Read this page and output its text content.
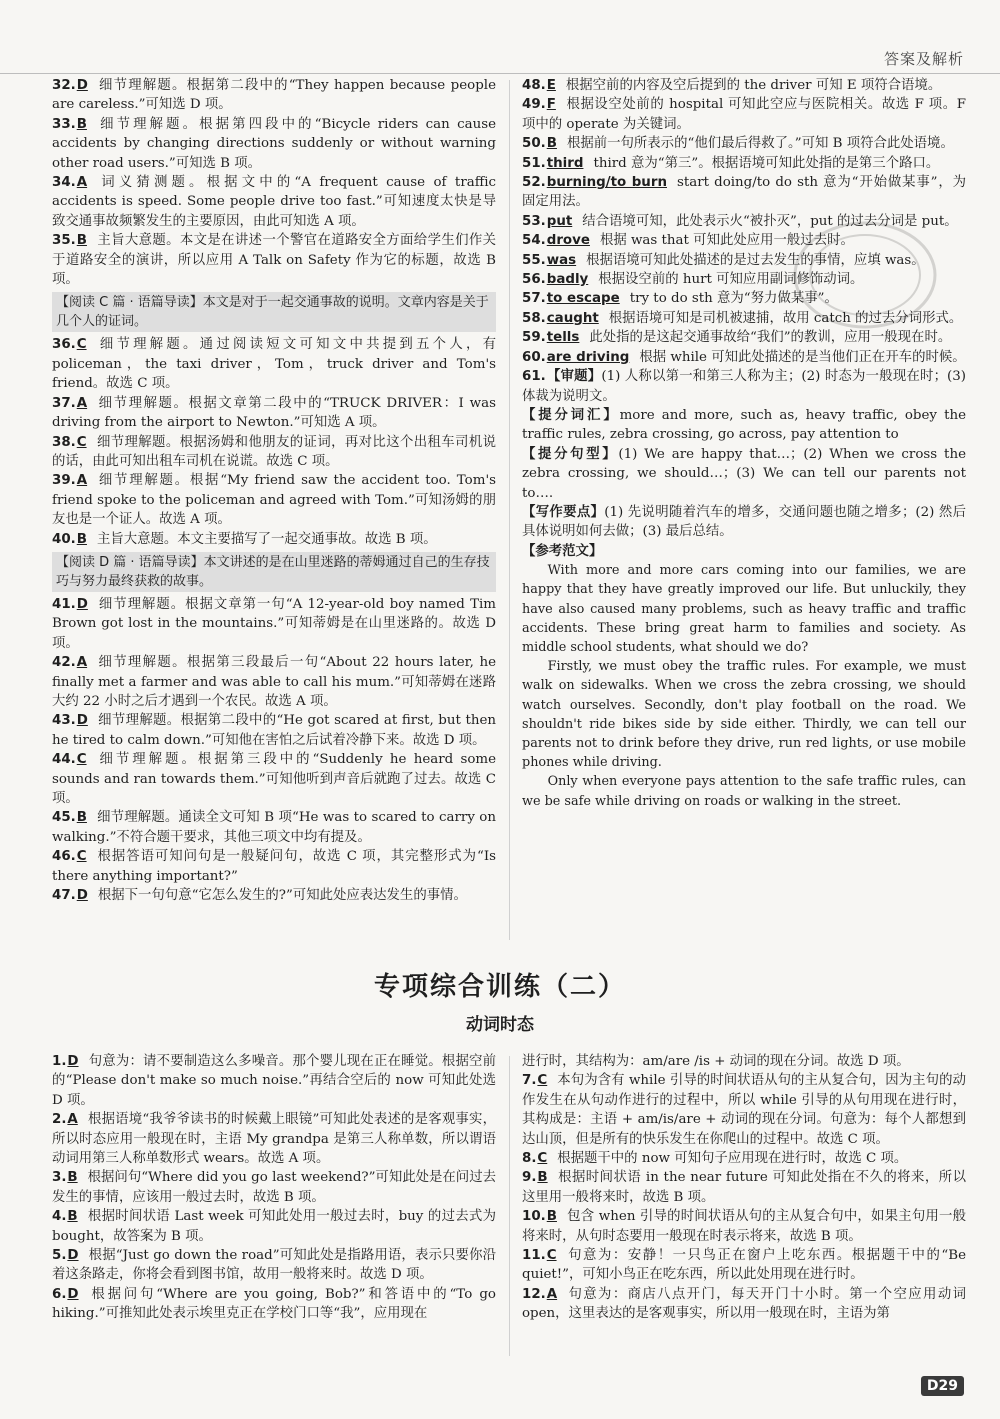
答案及解析
32.D 细节理解题。根据第二段中的“They happen because people are careless.”可知选 D 项。
33.B 细节理解题。根据第四段中的“Bicycle riders can cause accidents by changing directions suddenly or without warning other road users.”可知选 B 项。
34.A 词义猜测题。根据文中的“A frequent cause of traffic accidents is speed. Some people drive too fast.”可知速度太快是导致交通事故频繁发生的主要原因，由此可知选 A 项。
35.B 主旨大意题。本文是在讲述一个警官在道路安全方面给学生们作关于道路安全的演讲，所以应用 A Talk on Safety 作为它的标题，故选 B 项。
【阅读 C 篇 · 语篇导读】本文是对于一起交通事故的说明。文章内容是关于几个人的证词。
36.C 细节理解题。通过阅读短文可知文中共提到五个人，有 policeman，the taxi driver，Tom，truck driver and Tom's friend。故选 C 项。
37.A 细节理解题。根据文章第二段中的“TRUCK DRIVER：I was driving from the airport to Newton.”可知选 A 项。
38.C 细节理解题。根据汤姆和他朋友的证词，再对比这个出租车司机说的话，由此可知出租车司机在说谎。故选 C 项。
39.A 细节理解题。根据“My friend saw the accident too. Tom's friend spoke to the policeman and agreed with Tom.”可知汤姆的朋友也是一个证人。故选 A 项。
40.B 主旨大意题。本文主要描写了一起交通事故。故选 B 项。
【阅读 D 篇 · 语篇导读】本文讲述的是在山里迷路的蒂姆通过自己的生存技巧与努力最终获救的故事。
41.D 细节理解题。根据文章第一句“A 12-year-old boy named Tim Brown got lost in the mountains.”可知蒂姆是在山里迷路的。故选 D 项。
42.A 细节理解题。根据第三段最后一句“About 22 hours later, he finally met a farmer and was able to call his mum.”可知蒂姆在迷路大约 22 小时之后才遇到一个农民。故选 A 项。
43.D 细节理解题。根据第二段中的“He got scared at first, but then he tired to calm down.”可知他在害怕之后试着冷静下来。故选 D 项。
44.C 细节理解题。根据第三段中的“Suddenly he heard some sounds and ran towards them.”可知他听到声音后就跑了过去。故选 C 项。
45.B 细节理解题。通读全文可知 B 项“He was to scared to carry on walking.”不符合题干要求，其他三项文中均有提及。
46.C 根据答语可知问句是一般疑问句，故选 C 项，其完整形式为“Is there anything important?”
47.D 根据下一句句意“它怎么发生的?”可知此处应表达发生的事情。
48.E 根据空前的内容及空后提到的 the driver 可知 E 项符合语境。
49.F 根据设空处前的 hospital 可知此空应与医院相关。故选 F 项。F 项中的 operate 为关键词。
50.B 根据前一句所表示的“他们最后得救了。”可知 B 项符合此处语境。
51.third third 意为“第三”。根据语境可知此处指的是第三个路口。
52.burning/to burn start doing/to do sth 意为“开始做某事”，为固定用法。
53.put 结合语境可知，此处表示火“被扑灭”，put 的过去分词是 put。
54.drove 根据 was that 可知此处应用一般过去时。
55.was 根据语境可知此处描述的是过去发生的事情，应填 was。
56.badly 根据设空前的 hurt 可知应用副词修饰动词。
57.to escape try to do sth 意为“努力做某事”。
58.caught 根据语境可知是司机被逮捕，故用 catch 的过去分词形式。
59.tells 此处指的是这起交通事故给“我们”的教训，应用一般现在时。
60.are driving 根据 while 可知此处描述的是当他们正在开车的时候。
61.【审题】(1) 人称以第一和第三人称为主；(2) 时态为一般现在时；(3) 体裁为说明文。
【提分词汇】more and more, such as, heavy traffic, obey the traffic rules, zebra crossing, go across, pay attention to
【提分句型】(1) We are happy that…；(2) When we cross the zebra crossing, we should…；(3) We can tell our parents not to….
【写作要点】(1) 先说明随着汽车的增多，交通问题也随之增多；(2) 然后具体说明如何去做；(3) 最后总结。
【参考范文】

With more and more cars coming into our families, we are happy that they have greatly improved our life. But unluckily, they have also caused many problems, such as heavy traffic and traffic accidents. These bring great harm to families and society. As middle school students, what should we do?

Firstly, we must obey the traffic rules. For example, we must walk on sidewalks. When we cross the zebra crossing, we should watch ourselves. Secondly, don't play football on the road. We shouldn't ride bikes side by side either. Thirdly, we can tell our parents not to drink before they drive, run red lights, or use mobile phones while driving.

Only when everyone pays attention to the safe traffic rules, can we be safe while driving on roads or walking in the street.

专项综合训练（二）
动词时态
1.D 句意为：请不要制造这么多噪音。那个婴儿现在正在睡觉。根据空前的“Please don't make so much noise.”再结合空后的 now 可知此处选 D 项。
2.A 根据语境“我爷爷读书的时候戴上眼镜”可知此处表述的是客观事实，所以时态应用一般现在时，主语 My grandpa 是第三人称单数，所以谓语动词用第三人称单数形式 wears。故选 A 项。
3.B 根据问句“Where did you go last weekend?”可知此处是在问过去发生的事情，应该用一般过去时，故选 B 项。
4.B 根据时间状语 Last week 可知此处用一般过去时，buy 的过去式为 bought，故答案为 B 项。
5.D 根据“Just go down the road”可知此处是指路用语，表示只要你沿着这条路走，你将会看到图书馆，故用一般将来时。故选 D 项。
6.D 根据问句“Where are you going, Bob?”和答语中的“To go hiking.”可推知此处表示埃里克正在学校门口等“我”，应用现在
进行时，其结构为：am/are /is + 动词的现在分词。故选 D 项。
7.C 本句为含有 while 引导的时间状语从句的主从复合句，因为主句的动作发生在从句动作进行的过程中，所以 while 引导的从句用现在进行时，其构成是：主语 + am/is/are + 动词的现在分词。句意为：每个人都想到达山顶，但是所有的快乐发生在你爬山的过程中。故选 C 项。
8.C 根据题干中的 now 可知句子应用现在进行时，故选 C 项。
9.B 根据时间状语 in the near future 可知此处指在不久的将来，所以这里用一般将来时，故选 B 项。
10.B 包含 when 引导的时间状语从句的主从复合句中，如果主句用一般将来时，从句时态要用一般现在时表示将来，故选 B 项。
11.C 句意为：安静！一只鸟正在窗户上吃东西。根据题干中的“Be quiet!”，可知小鸟正在吃东西，所以此处用现在进行时。
12.A 句意为：商店八点开门，每天开门十小时。第一个空应用动词 open，这里表达的是客观事实，所以用一般现在时，主语为第
D29
